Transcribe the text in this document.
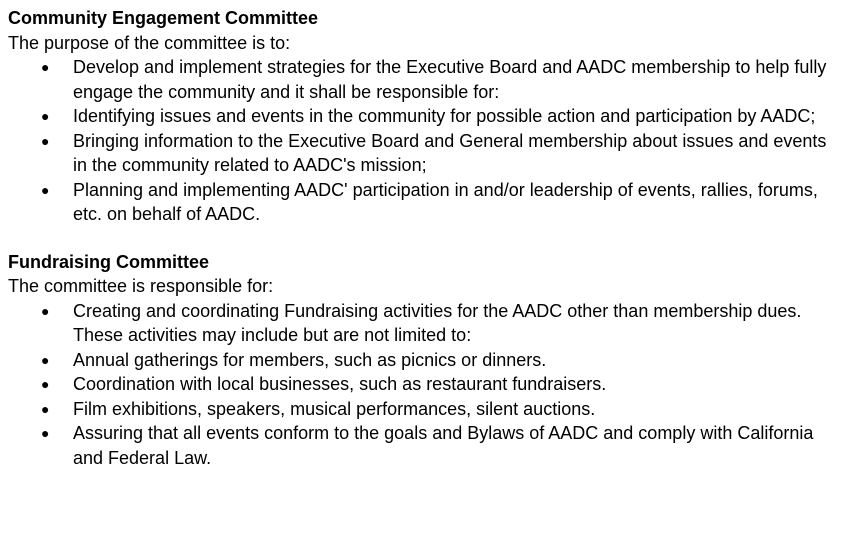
Community Engagement Committee

The purpose of the committee is to:

● Develop and implement strategies for the Executive Board and AADC membership to help fully engage the community and it shall be responsible for:
● Identifying issues and events in the community for possible action and participation by AADC;
● Bringing information to the Executive Board and General membership about issues and events in the community related to AADC's mission;
● Planning and implementing AADC' participation in and/or leadership of events, rallies, forums, etc. on behalf of AADC.

Fundraising Committee

The committee is responsible for:

● Creating and coordinating Fundraising activities for the AADC other than membership dues. These activities may include but are not limited to:
● Annual gatherings for members, such as picnics or dinners.
● Coordination with local businesses, such as restaurant fundraisers.
● Film exhibitions, speakers, musical performances, silent auctions.
● Assuring that all events conform to the goals and Bylaws of AADC and comply with California and Federal Law.
